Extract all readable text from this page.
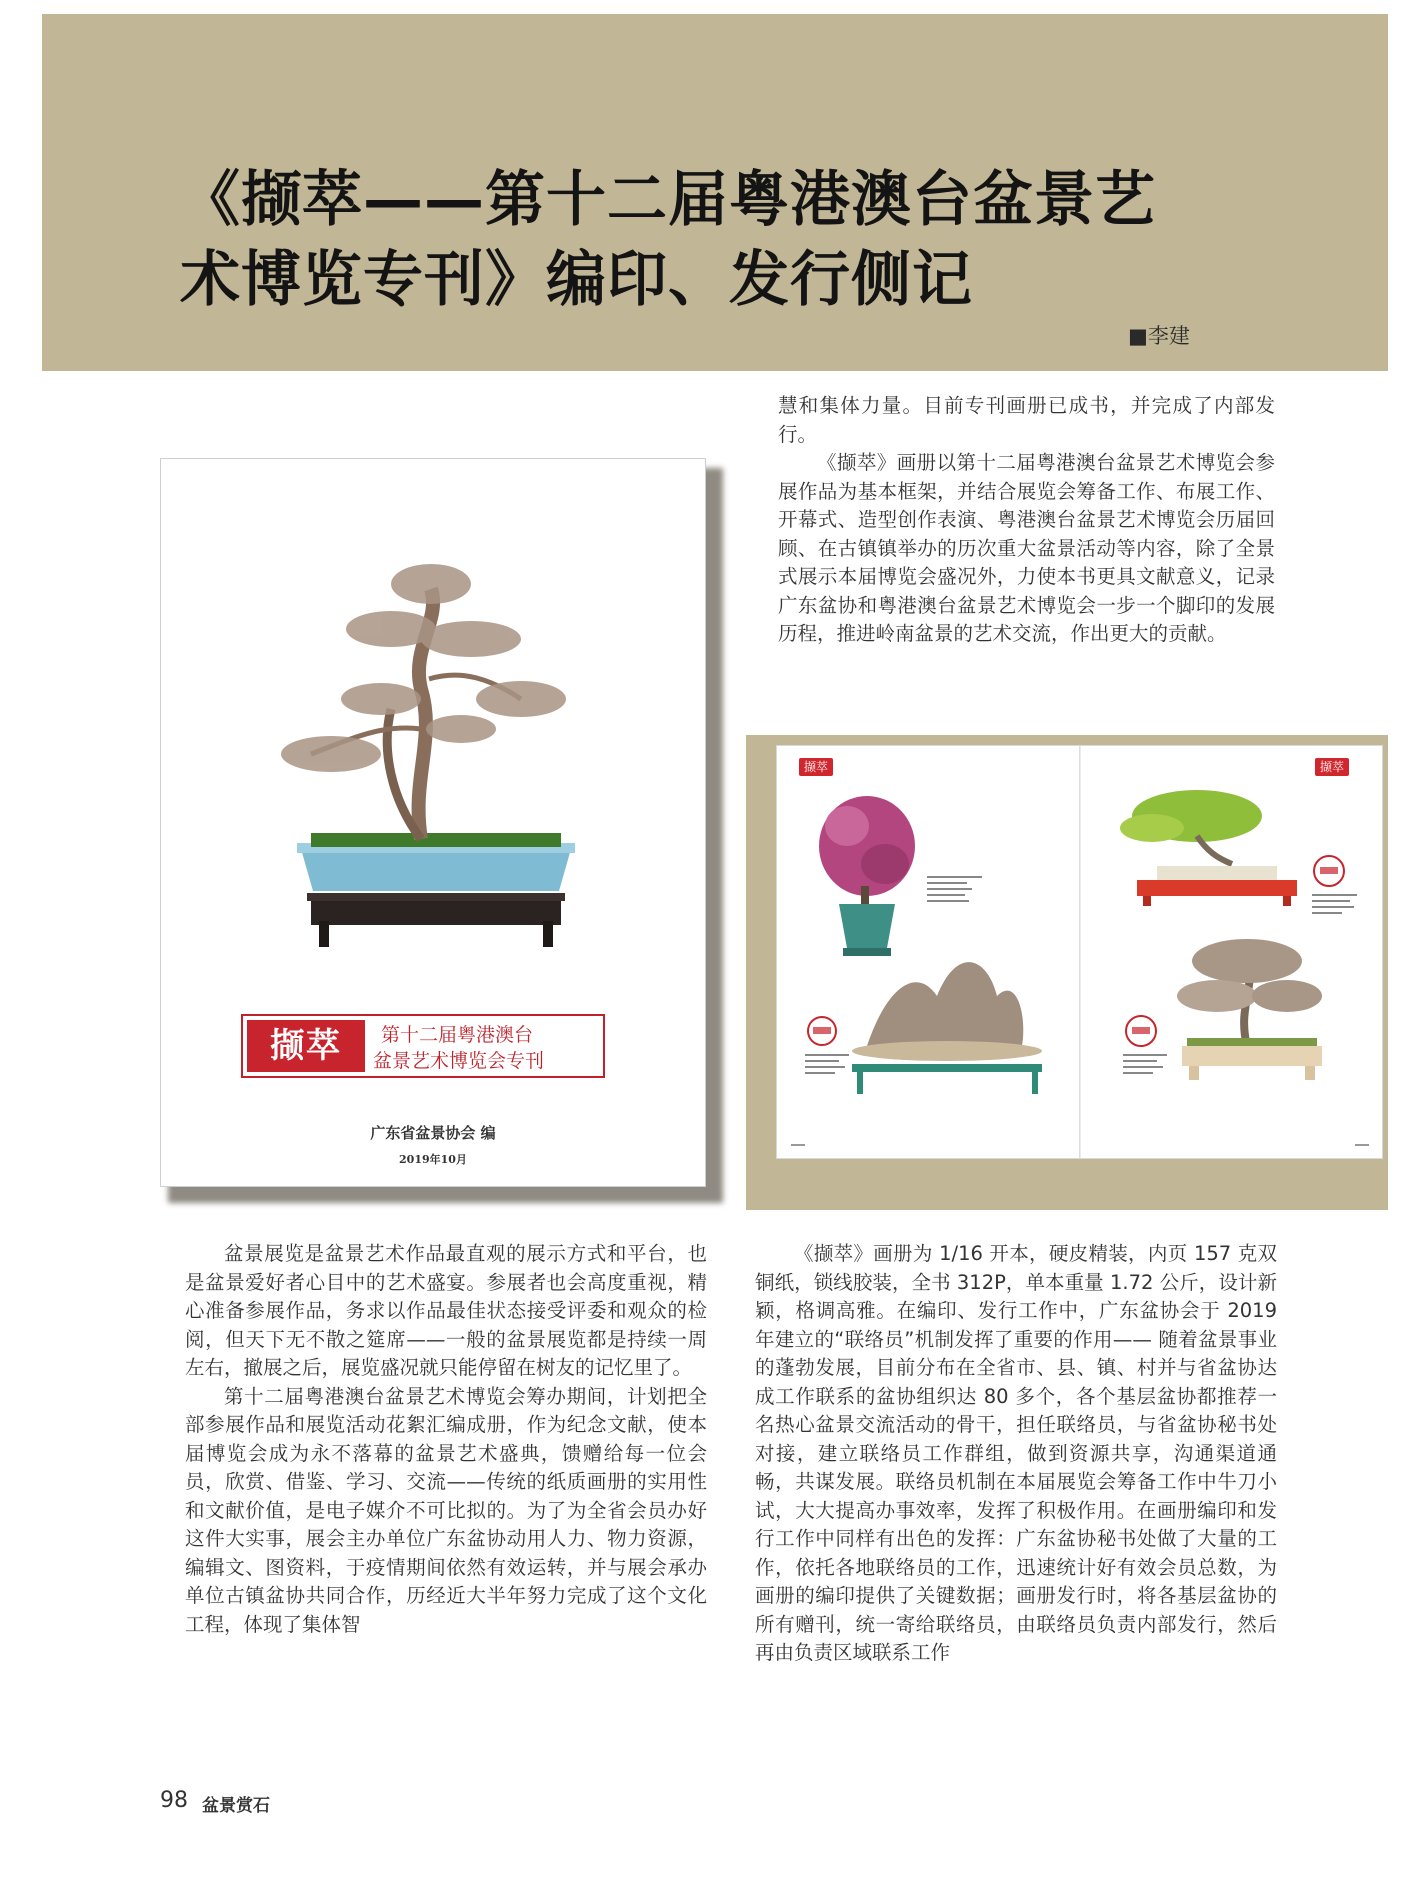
《撷萃——第十二届粤港澳台盆景艺
术博览专刊》编印、发行侧记
■李建

慧和集体力量。目前专刊画册已成书，并完成了内部发行。

《撷萃》画册以第十二届粤港澳台盆景艺术博览会参展作品为基本框架，并结合展览会筹备工作、布展工作、开幕式、造型创作表演、粤港澳台盆景艺术博览会历届回顾、在古镇镇举办的历次重大盆景活动等内容，除了全景式展示本届博览会盛况外，力使本书更具文献意义，记录广东盆协和粤港澳台盆景艺术博览会一步一个脚印的发展历程，推进岭南盆景的艺术交流，作出更大的贡献。

撷萃	第十二届粤港澳台
盆景艺术博览会专刊
广东省盆景协会 编
2019年10月
撷萃	撷萃

盆景展览是盆景艺术作品最直观的展示方式和平台，也是盆景爱好者心目中的艺术盛宴。参展者也会高度重视，精心准备参展作品，务求以作品最佳状态接受评委和观众的检阅，但天下无不散之筵席——一般的盆景展览都是持续一周左右，撤展之后，展览盛况就只能停留在树友的记忆里了。

第十二届粤港澳台盆景艺术博览会筹办期间，计划把全部参展作品和展览活动花絮汇编成册，作为纪念文献，使本届博览会成为永不落幕的盆景艺术盛典，馈赠给每一位会员，欣赏、借鉴、学习、交流——传统的纸质画册的实用性和文献价值，是电子媒介不可比拟的。为了为全省会员办好这件大实事，展会主办单位广东盆协动用人力、物力资源，编辑文、图资料，于疫情期间依然有效运转，并与展会承办单位古镇盆协共同合作，历经近大半年努力完成了这个文化工程，体现了集体智

《撷萃》画册为 1/16 开本，硬皮精装，内页 157 克双铜纸，锁线胶装，全书 312P，单本重量 1.72 公斤，设计新颖，格调高雅。在编印、发行工作中，广东盆协会于 2019 年建立的“联络员”机制发挥了重要的作用—— 随着盆景事业的蓬勃发展，目前分布在全省市、县、镇、村并与省盆协达成工作联系的盆协组织达 80 多个，各个基层盆协都推荐一名热心盆景交流活动的骨干，担任联络员，与省盆协秘书处对接，建立联络员工作群组，做到资源共享，沟通渠道通畅，共谋发展。联络员机制在本届展览会筹备工作中牛刀小试，大大提高办事效率，发挥了积极作用。在画册编印和发行工作中同样有出色的发挥：广东盆协秘书处做了大量的工作，依托各地联络员的工作，迅速统计好有效会员总数，为画册的编印提供了关键数据；画册发行时，将各基层盆协的所有赠刊，统一寄给联络员，由联络员负责内部发行，然后再由负责区域联系工作

98 盆景赏石
